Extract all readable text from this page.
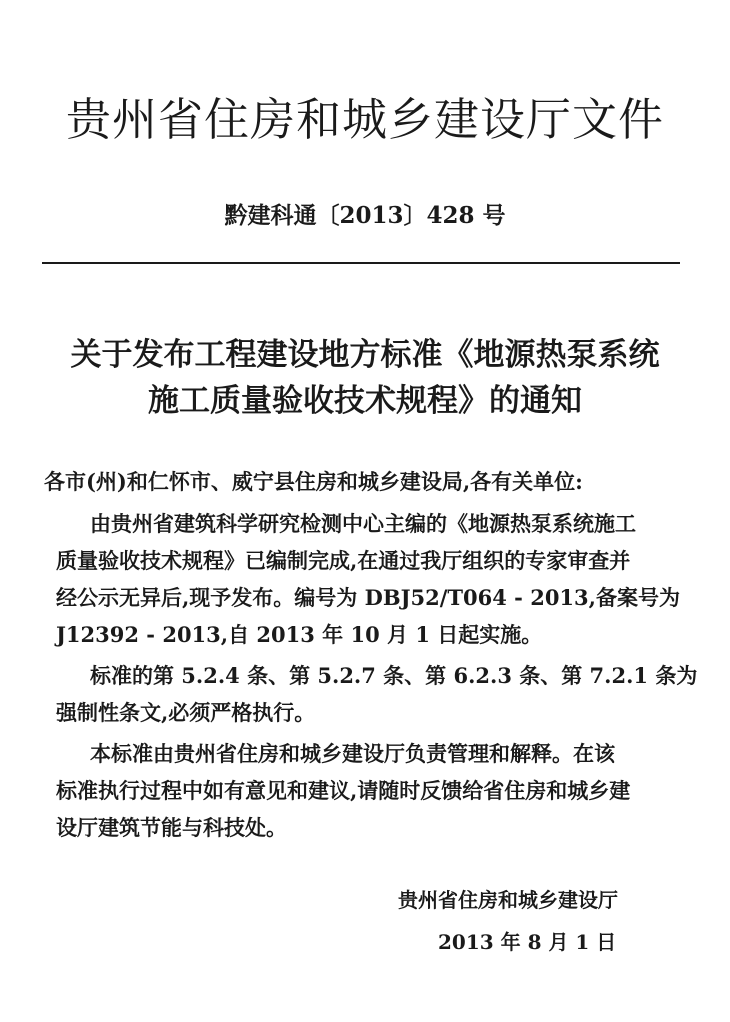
贵州省住房和城乡建设厅文件
黔建科通〔2013〕428 号
关于发布工程建设地方标准《地源热泵系统
施工质量验收技术规程》的通知
各市(州)和仁怀市、威宁县住房和城乡建设局,各有关单位:
由贵州省建筑科学研究检测中心主编的《地源热泵系统施工
质量验收技术规程》已编制完成,在通过我厅组织的专家审查并
经公示无异后,现予发布。编号为 DBJ52/T064 - 2013,备案号为
J12392 - 2013,自 2013 年 10 月 1 日起实施。
标准的第 5.2.4 条、第 5.2.7 条、第 6.2.3 条、第 7.2.1 条为
强制性条文,必须严格执行。
本标准由贵州省住房和城乡建设厅负责管理和解释。在该
标准执行过程中如有意见和建议,请随时反馈给省住房和城乡建
设厅建筑节能与科技处。
贵州省住房和城乡建设厅
2013 年 8 月 1 日
